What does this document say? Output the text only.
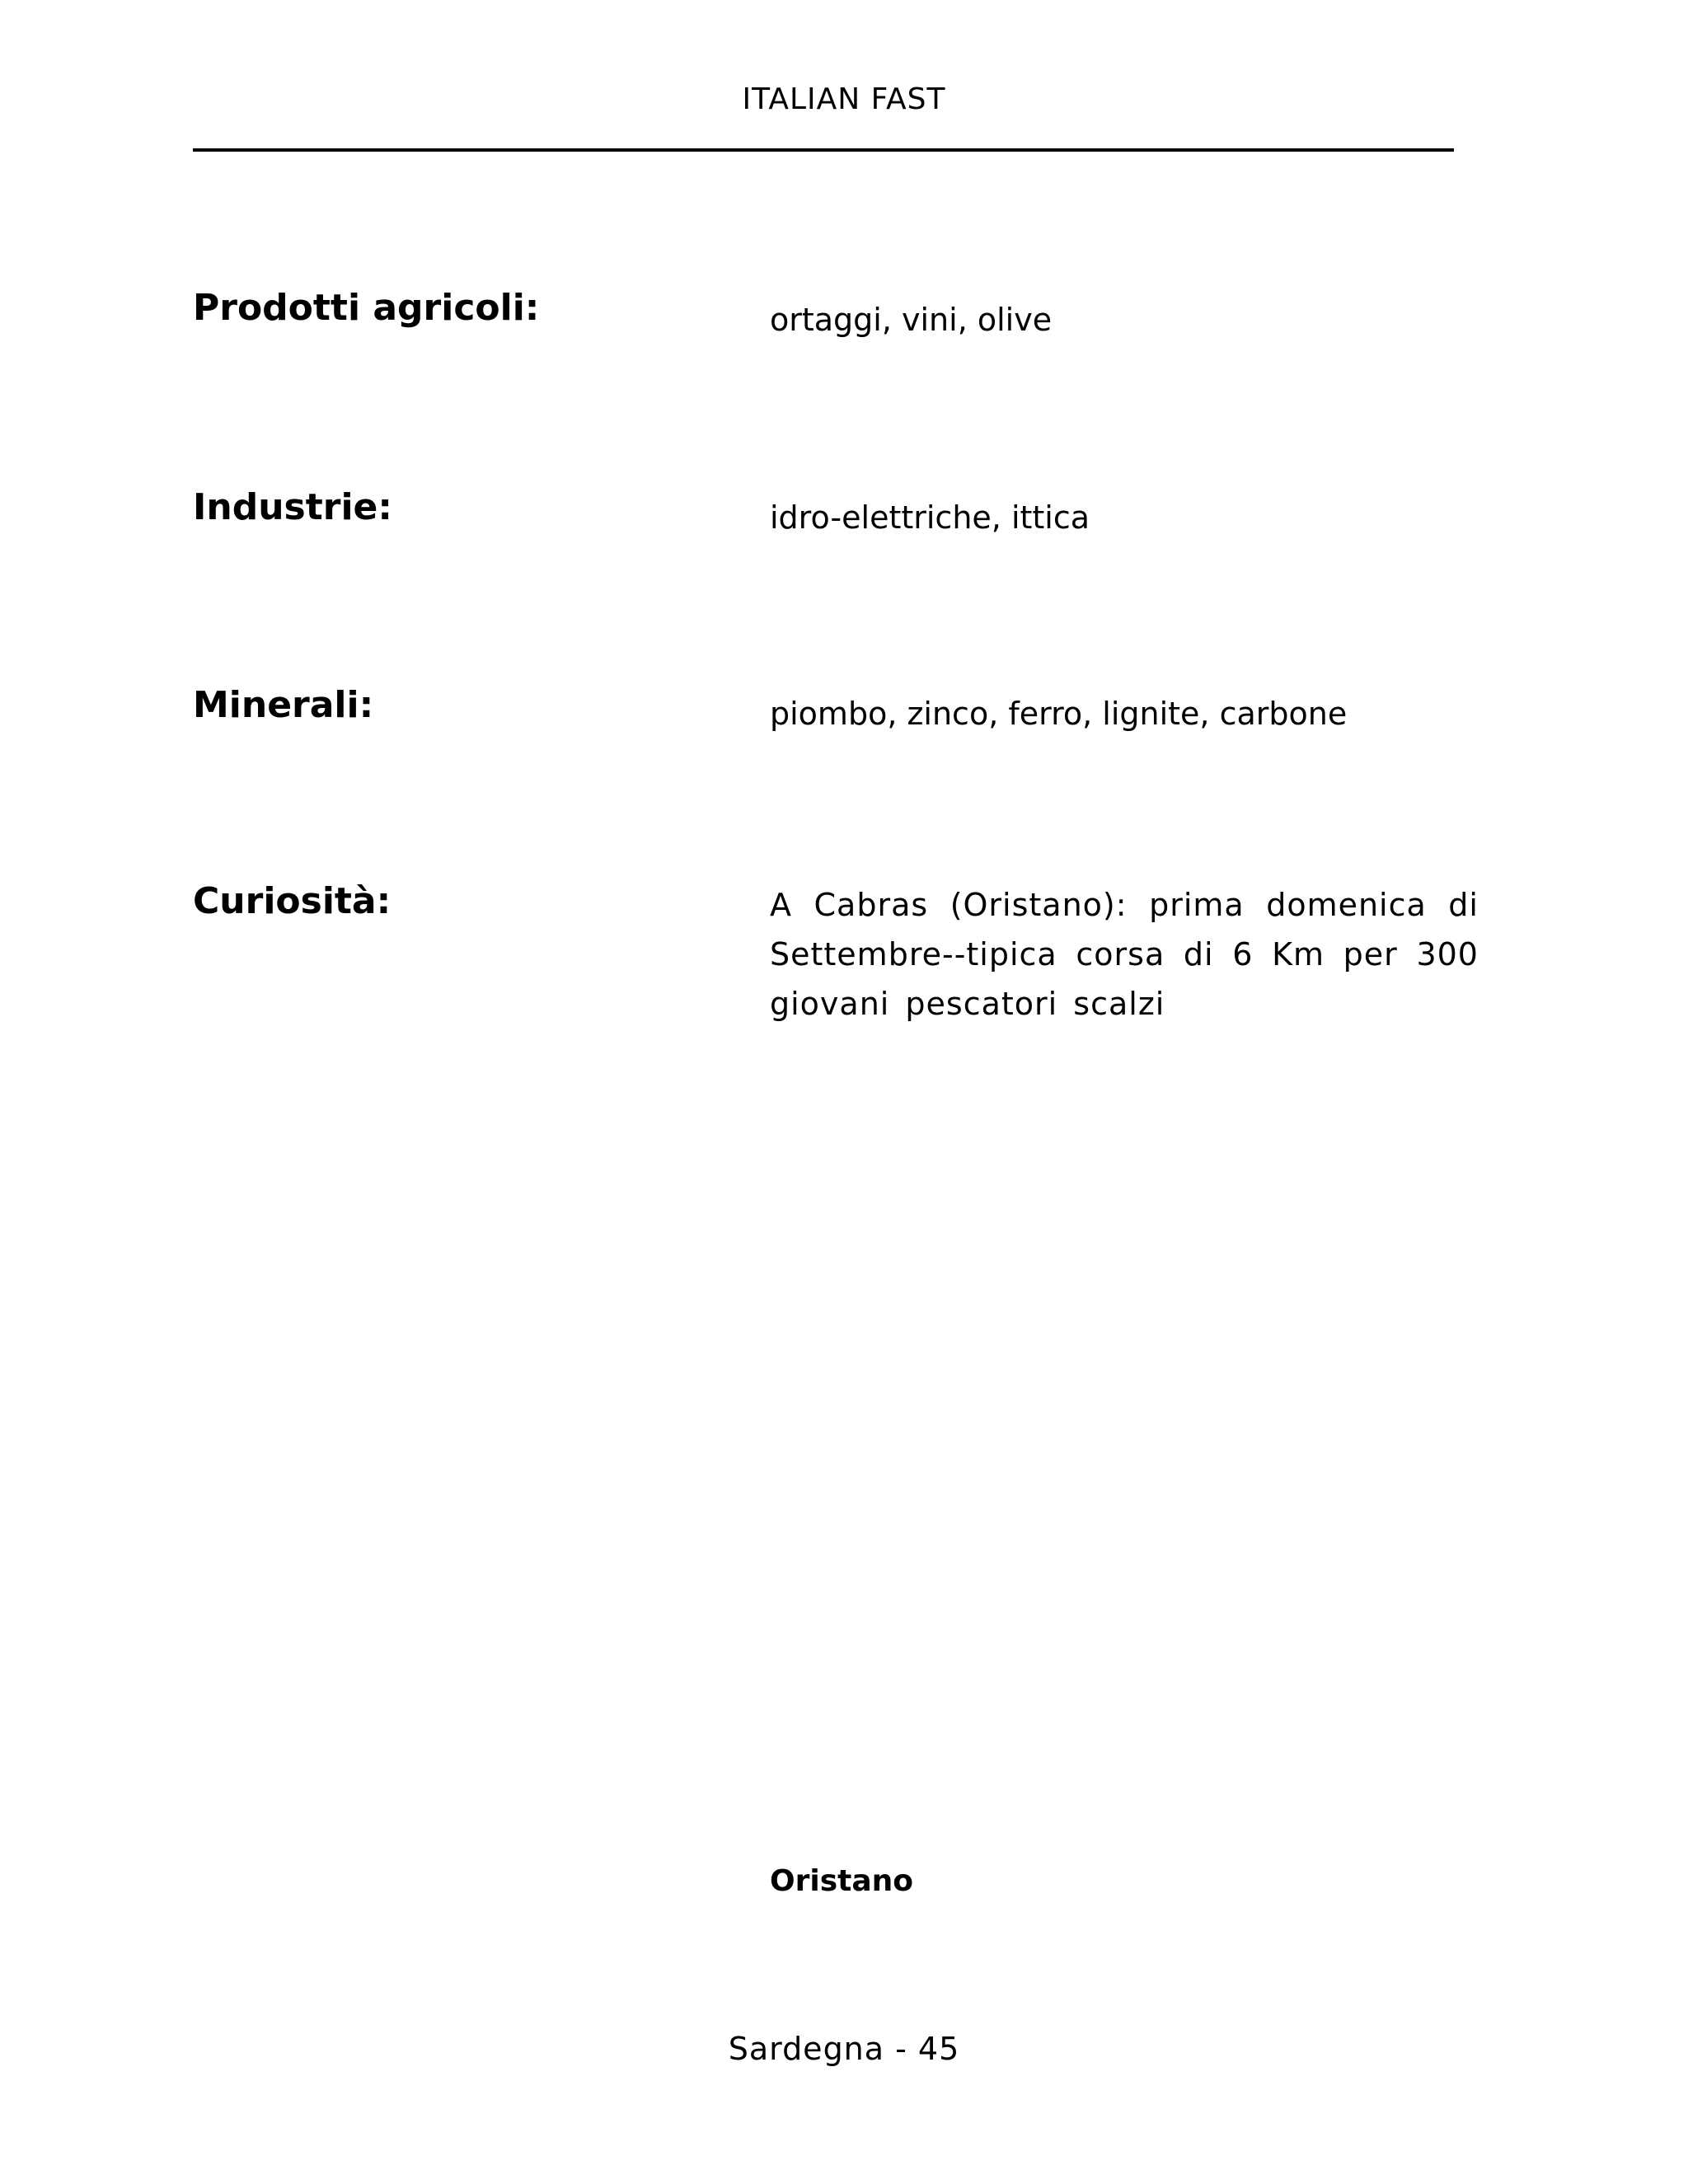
ITALIAN FAST
Prodotti agricoli:	ortaggi, vini, olive
Industrie:	idro-elettriche, ittica
Minerali:	piombo, zinco, ferro, lignite, carbone
Curiosità:	A Cabras (Oristano): prima domenica di Settembre--tipica corsa di 6 Km per 300 giovani pescatori scalzi
Oristano
Sardegna - 45
